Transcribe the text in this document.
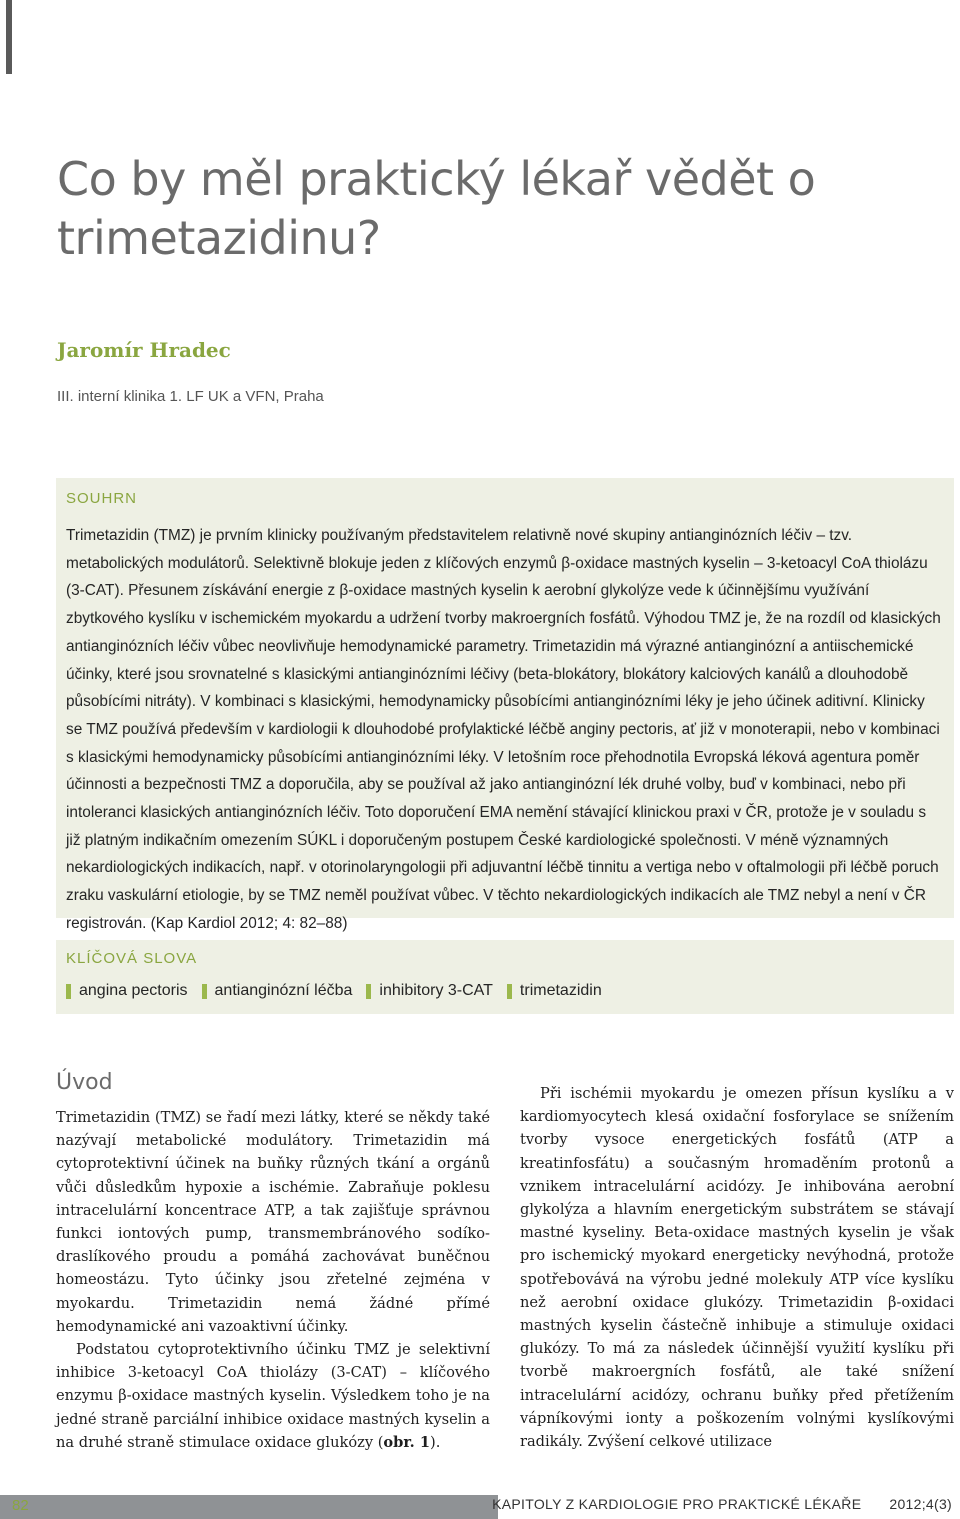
Co by měl praktický lékař vědět o trimetazidinu?
Jaromír Hradec
III. interní klinika 1. LF UK a VFN, Praha
SOUHRN

Trimetazidin (TMZ) je prvním klinicky používaným představitelem relativně nové skupiny antianginózních léčiv – tzv. metabolických modulátorů. Selektivně blokuje jeden z klíčových enzymů β-oxidace mastných kyselin – 3-ketoacyl CoA thiolázu (3-CAT). Přesunem získávání energie z β-oxidace mastných kyselin k aerobní glykolýze vede k účinnějšímu využívání zbytkového kyslíku v ischemickém myokardu a udržení tvorby makroergních fosfátů. Výhodou TMZ je, že na rozdíl od klasických antianginózních léčiv vůbec neovlivňuje hemodynamické parametry. Trimetazidin má výrazné antianginózní a antiischemické účinky, které jsou srovnatelné s klasickými antianginózními léčivy (beta-blokátory, blokátory kalciových kanálů a dlouhodobě působícími nitráty). V kombinaci s klasickými, hemodynamicky působícími antianginózními léky je jeho účinek aditivní. Klinicky se TMZ používá především v kardiologii k dlouhodobé profylaktické léčbě anginy pectoris, ať již v monoterapii, nebo v kombinaci s klasickými hemodynamicky působícími antianginózními léky. V letošním roce přehodnotila Evropská léková agentura poměr účinnosti a bezpečnosti TMZ a doporučila, aby se používal až jako antianginózní lék druhé volby, buď v kombinaci, nebo při intoleranci klasických antianginózních léčiv. Toto doporučení EMA nemění stávající klinickou praxi v ČR, protože je v souladu s již platným indikačním omezením SÚKL i doporučeným postupem České kardiologické společnosti. V méně významných nekardiologických indikacích, např. v otorinolaryngologii při adjuvantní léčbě tinnitu a vertiga nebo v oftalmologii při léčbě poruch zraku vaskulární etiologie, by se TMZ neměl používat vůbec. V těchto nekardiologických indikacích ale TMZ nebyl a není v ČR registrován. (Kap Kardiol 2012; 4: 82–88)

KLÍČOVÁ SLOVA
angina pectoris antianginózní léčba inhibitory 3-CAT trimetazidin
Úvod

Trimetazidin (TMZ) se řadí mezi látky, které se někdy také nazývají metabolické modulátory. Trimetazidin má cytoprotektivní účinek na buňky různých tkání a orgánů vůči důsledkům hypoxie a ischémie. Zabraňuje poklesu intracelulární koncentrace ATP, a tak zajišťuje správnou funkci iontových pump, transmembránového sodíko-draslíkového proudu a pomáhá zachovávat buněčnou homeostázu. Tyto účinky jsou zřetelné zejména v myokardu. Trimetazidin nemá žádné přímé hemodynamické ani vazoaktivní účinky.

Podstatou cytoprotektivního účinku TMZ je selektivní inhibice 3-ketoacyl CoA thiolázy (3-CAT) – klíčového enzymu β-oxidace mastných kyselin. Výsledkem toho je na jedné straně parciální inhibice oxidace mastných kyselin a na druhé straně stimulace oxidace glukózy (obr. 1).

Při ischémii myokardu je omezen přísun kyslíku a v kardiomyocytech klesá oxidační fosforylace se snížením tvorby vysoce energetických fosfátů (ATP a kreatinfosfátu) a současným hromaděním protonů a vznikem intracelulární acidózy. Je inhibována aerobní glykolýza a hlavním energetickým substrátem se stávají mastné kyseliny. Beta-oxidace mastných kyselin je však pro ischemický myokard energeticky nevýhodná, protože spotřebovává na výrobu jedné molekuly ATP více kyslíku než aerobní oxidace glukózy. Trimetazidin β-oxidaci mastných kyselin částečně inhibuje a stimuluje oxidaci glukózy. To má za následek účinnější využití kyslíku při tvorbě makroergních fosfátů, ale také snížení intracelulární acidózy, ochranu buňky před přetížením vápníkovými ionty a poškozením volnými kyslíkovými radikály. Zvýšení celkové utilizace

82	KAPITOLY Z KARDIOLOGIE PRO PRAKTICKÉ LÉKAŘE 2012;4(3)
